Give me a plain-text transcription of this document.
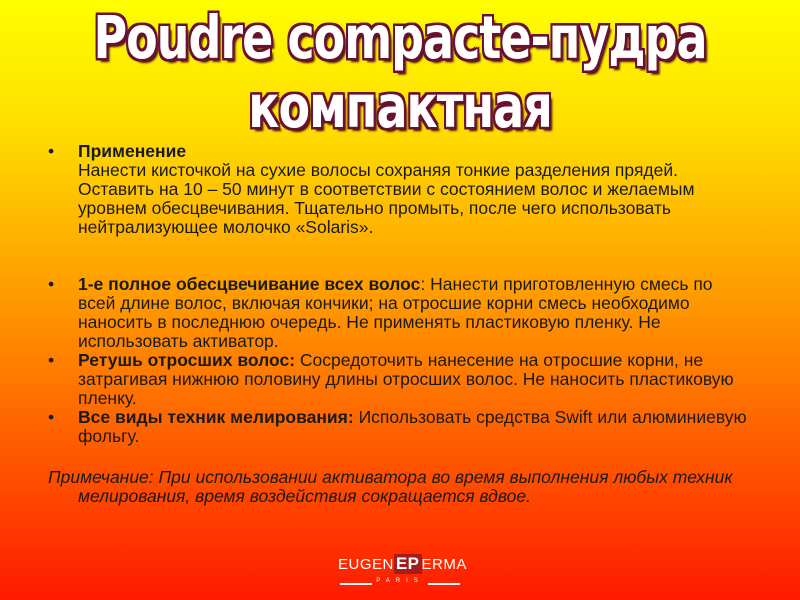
Poudre compacte-пудра компактная
• Применение
Нанести кисточкой на сухие волосы сохраняя тонкие разделения прядей. Оставить на 10 – 50 минут в соответствии с состоянием волос и желаемым уровнем обесцвечивания. Тщательно промыть, после чего использовать нейтрализующее молочко «Solaris».
• 1-е полное обесцвечивание всех волос: Нанести приготовленную смесь по всей длине волос, включая кончики; на отросшие корни смесь необходимо наносить в последнюю очередь. Не применять пластиковую пленку. Не использовать активатор.
• Ретушь отросших волос: Сосредоточить нанесение на отросшие корни, не затрагивая нижнюю половину длины отросших волос. Не наносить пластиковую пленку.
• Все виды техник мелирования: Использовать средства Swift или алюминиевую фольгу.
Примечание: При использовании активатора во время выполнения любых техник мелирования, время воздействия сокращается вдвое.
EUGEN EP ERMA
PARIS
